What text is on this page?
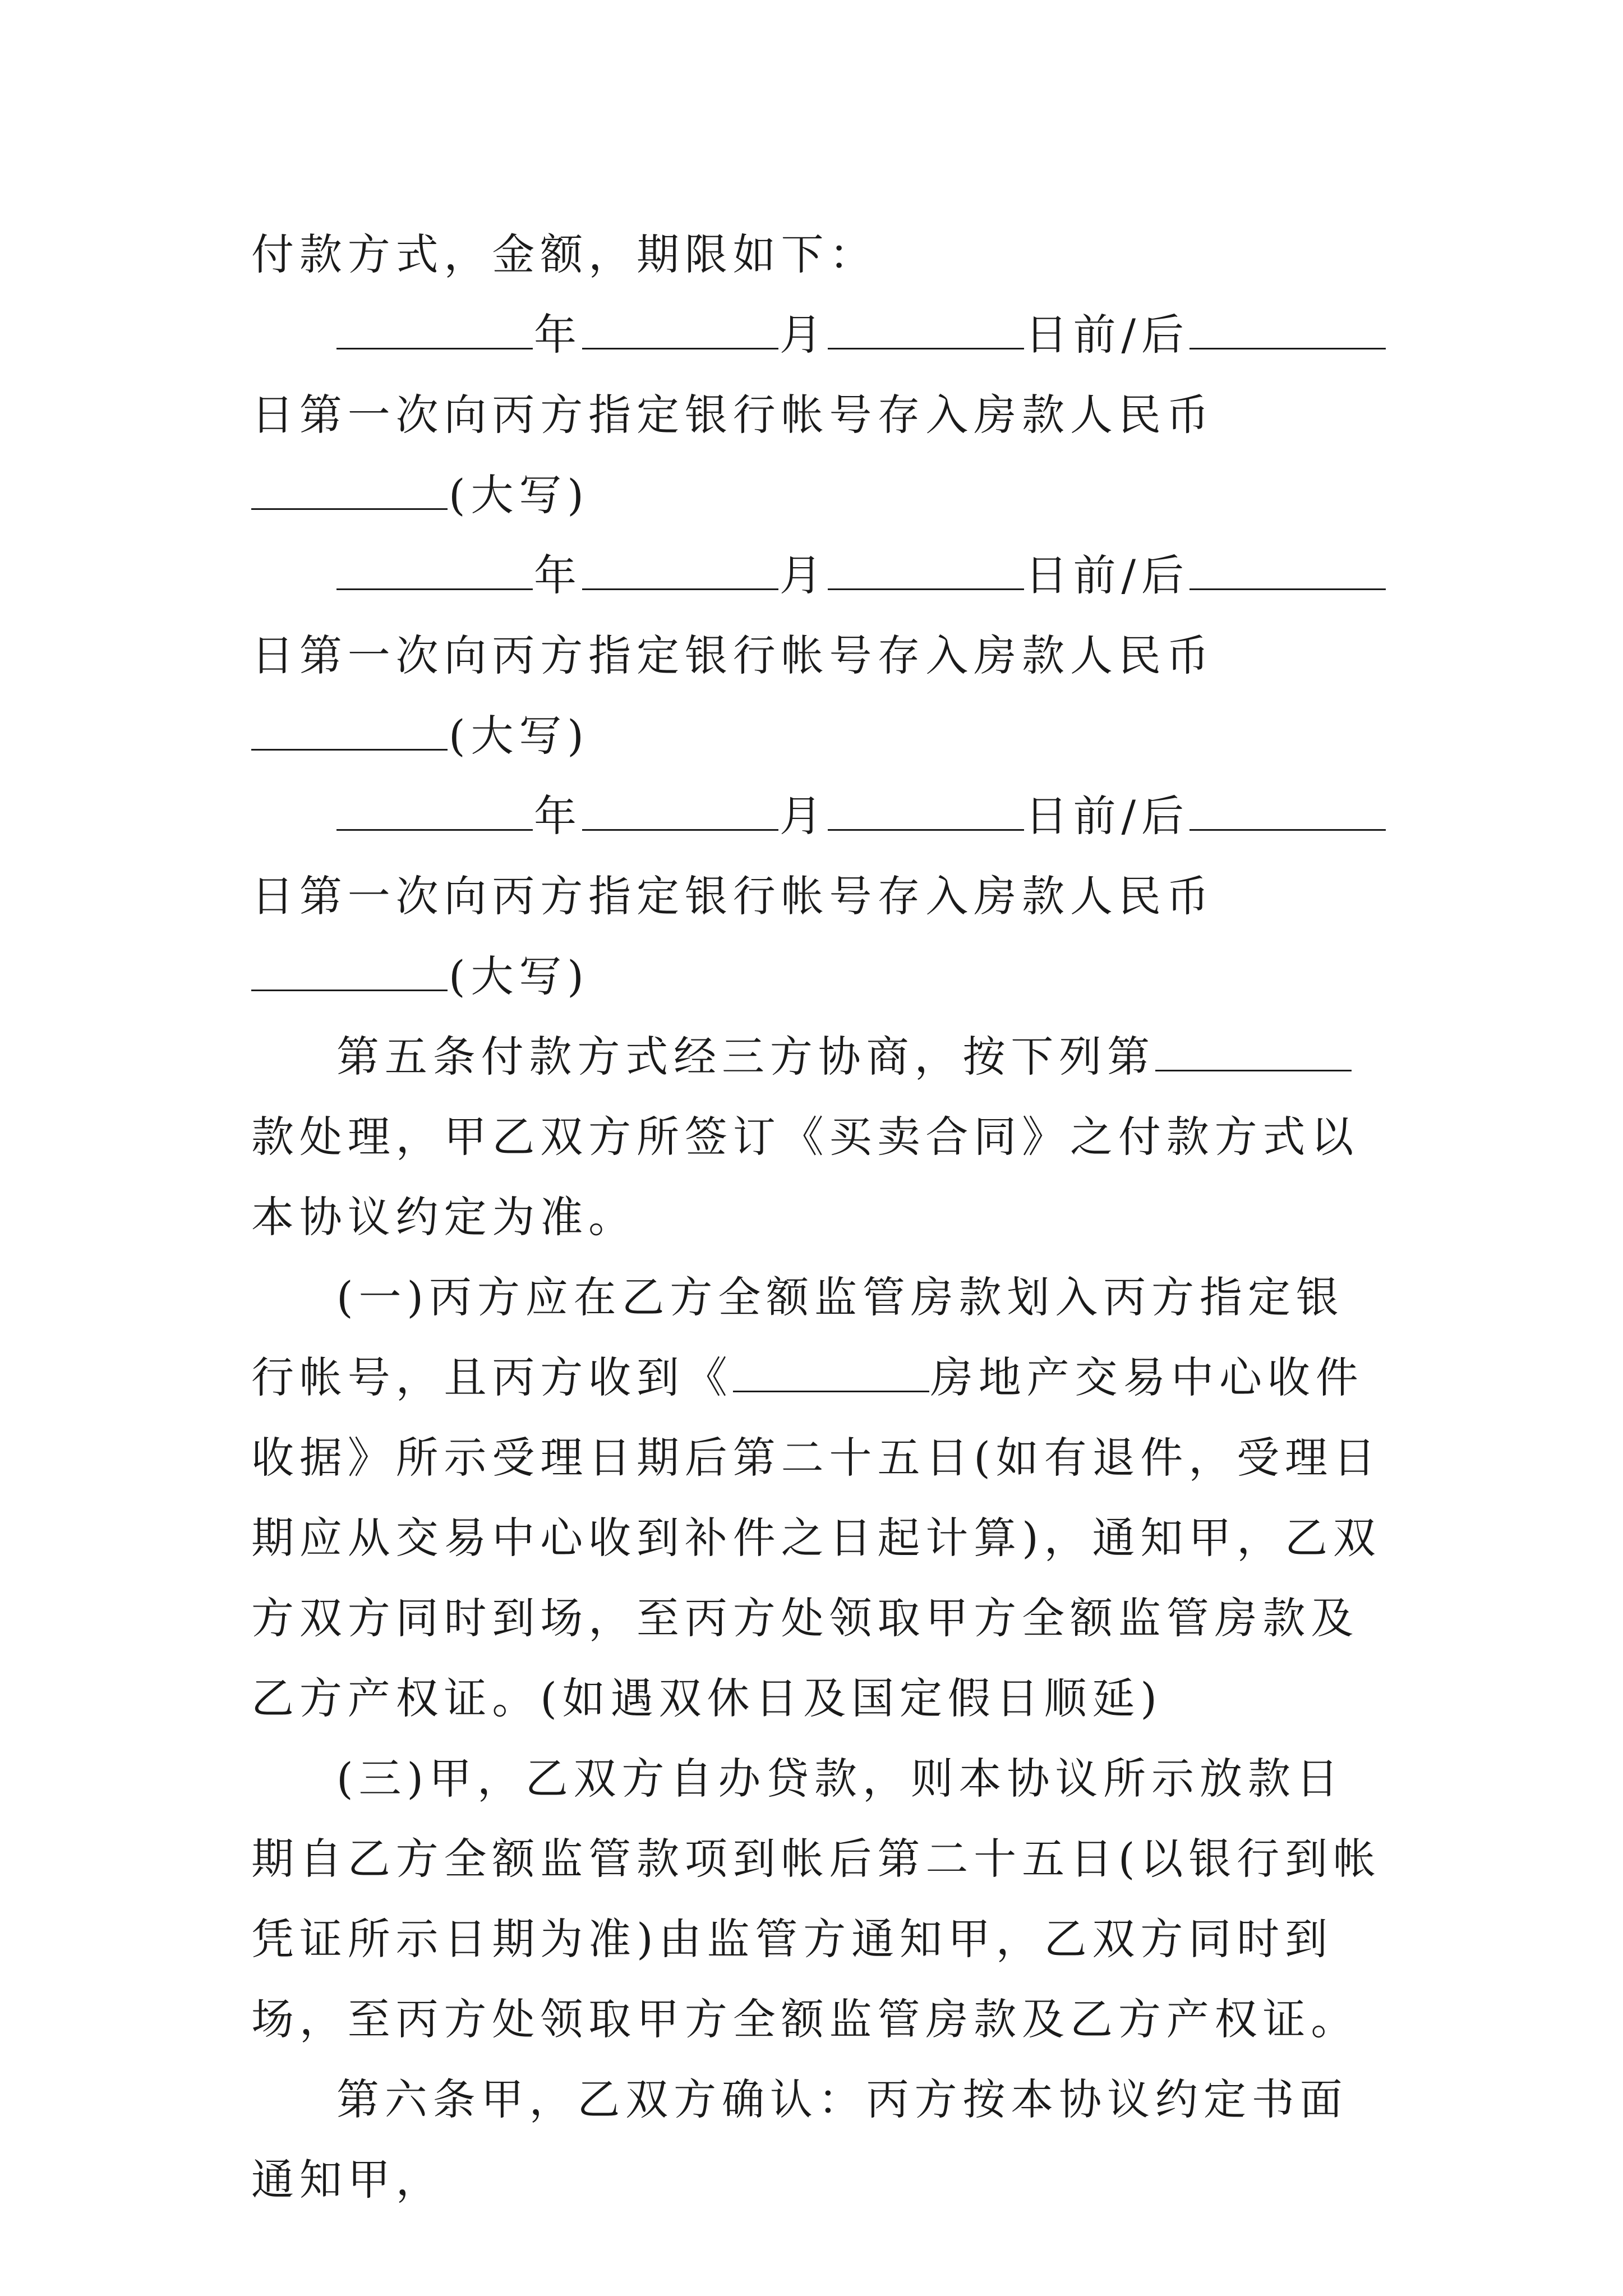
付款方式，金额，期限如下：

年	月	日前/后日第一次向丙方指定银行帐号存入房款人民币(大写)

年	月	日前/后日第一次向丙方指定银行帐号存入房款人民币(大写)

年	月	日前/后日第一次向丙方指定银行帐号存入房款人民币(大写)

第五条付款方式经三方协商，按下列第款处理，甲乙双方所签订《买卖合同》之付款方式以本协议约定为准。

(一)丙方应在乙方全额监管房款划入丙方指定银行帐号，且丙方收到《	房地产交易中心收件收据》所示受理日期后第二十五日(如有退件，受理日期应从交易中心收到补件之日起计算)，通知甲，乙双方双方同时到场，至丙方处领取甲方全额监管房款及乙方产权证。(如遇双休日及国定假日顺延)

(三)甲，乙双方自办贷款，则本协议所示放款日期自乙方全额监管款项到帐后第二十五日(以银行到帐凭证所示日期为准)由监管方通知甲，乙双方同时到场，至丙方处领取甲方全额监管房款及乙方产权证。

第六条甲，乙双方确认：丙方按本协议约定书面通知甲，
